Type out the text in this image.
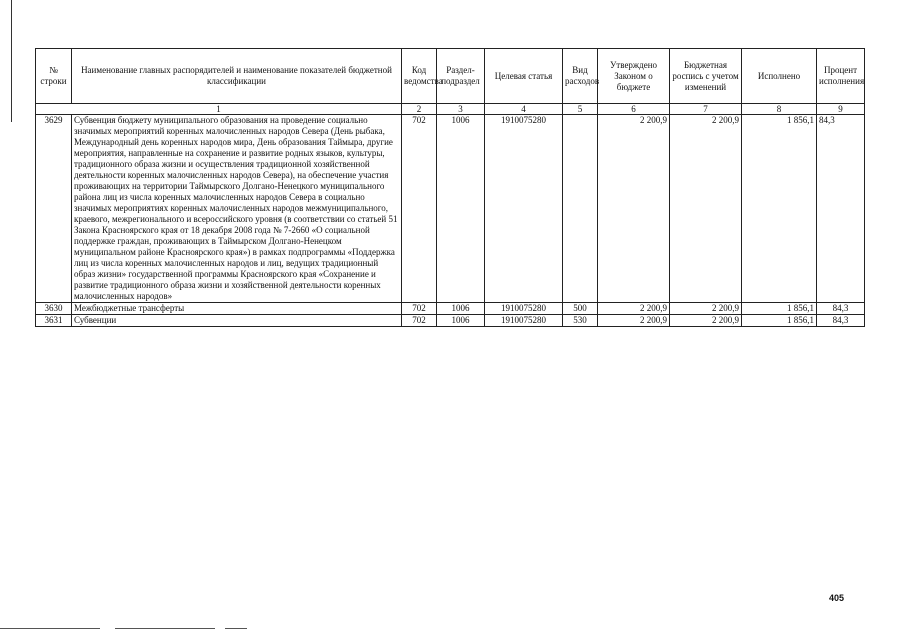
№ строки	Наименование главных распорядителей и наименование показателей бюджетной классификации	Код ведомства	Раздел-подраздел	Целевая статья	Вид расходов	Утверждено Законом о бюджете	Бюджетная роспись с учетом изменений	Исполнено	Процент исполнения
1		2	3	4	5	6	7	8	9
3629	Субвенция бюджету муниципального образования на проведение социально значимых мероприятий коренных малочисленных народов Севера (День рыбака, Международный день коренных народов мира, День образования Таймыра, другие мероприятия, направленные на сохранение и развитие родных языков, культуры, традиционного образа жизни и осуществления традиционной хозяйственной деятельности коренных малочисленных народов Севера), на обеспечение участия проживающих на территории Таймырского Долгано-Ненецкого муниципального района лиц из числа коренных малочисленных народов Севера в социально значимых мероприятиях коренных малочисленных народов межмуниципального, краевого, межрегионального и всероссийского уровня (в соответствии со статьей 51 Закона Красноярского края от 18 декабря 2008 года № 7-2660 «О социальной поддержке граждан, проживающих в Таймырском Долгано-Ненецком муниципальном районе Красноярского края») в рамках подпрограммы «Поддержка лиц из числа коренных малочисленных народов и лиц, ведущих традиционный образ жизни» государственной программы Красноярского края «Сохранение и развитие традиционного образа жизни и хозяйственной деятельности коренных малочисленных народов»	702	1006	1910075280		2 200,9	2 200,9	1 856,1	84,3
3630	Межбюджетные трансферты	702	1006	1910075280	500	2 200,9	2 200,9	1 856,1	84,3
3631	Субвенции	702	1006	1910075280	530	2 200,9	2 200,9	1 856,1	84,3
405
